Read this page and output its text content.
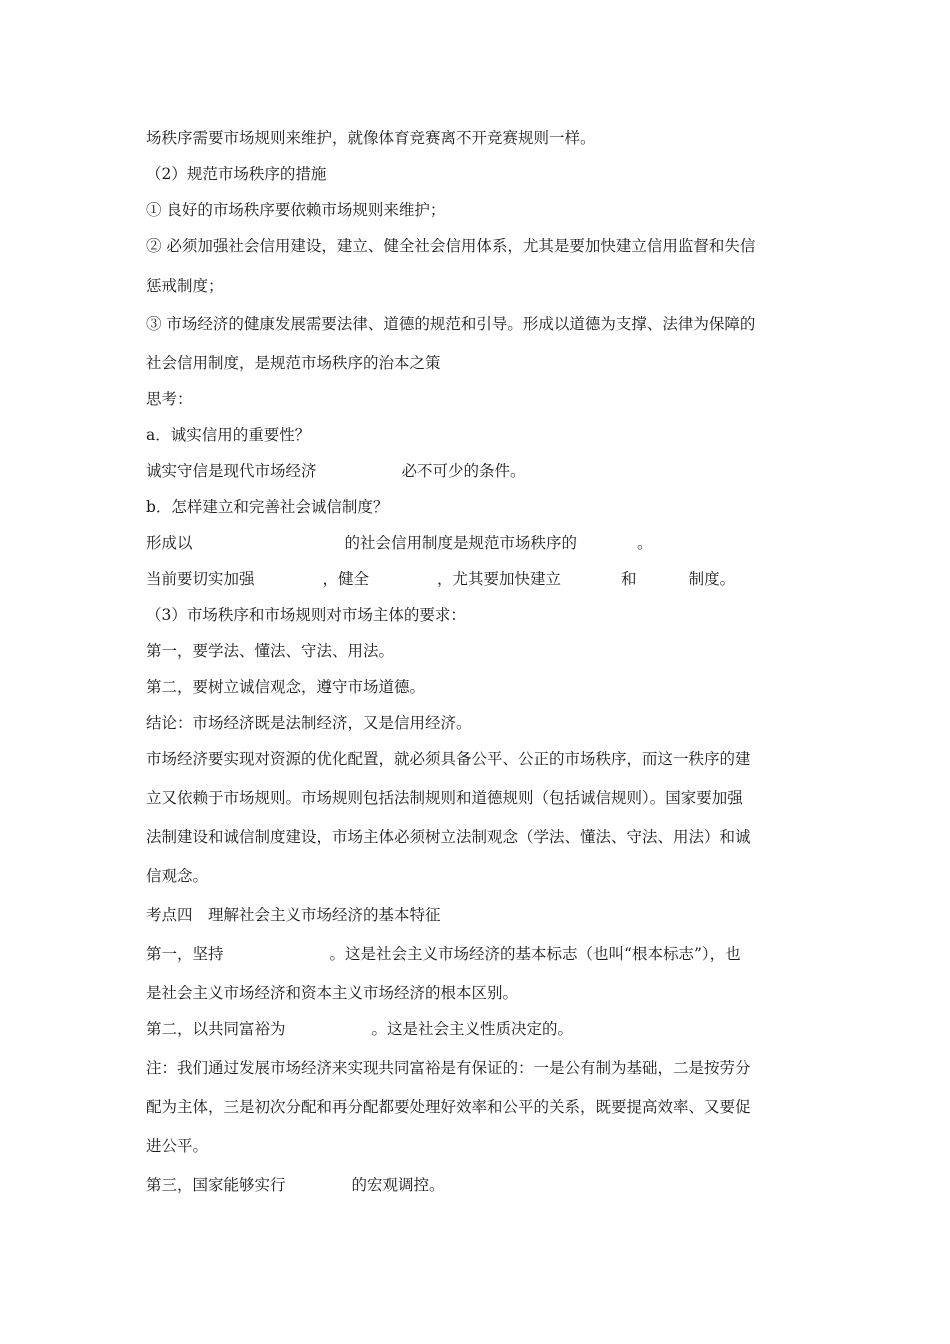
场秩序需要市场规则来维护，就像体育竞赛离不开竞赛规则一样。
（2）规范市场秩序的措施
① 良好的市场秩序要依赖市场规则来维护；
② 必须加强社会信用建设，建立、健全社会信用体系，尤其是要加快建立信用监督和失信
惩戒制度；
③ 市场经济的健康发展需要法律、道德的规范和引导。形成以道德为支撑、法律为保障的
社会信用制度，是规范市场秩序的治本之策
思考：
a．诚实信用的重要性？
诚实守信是现代市场经济	必不可少的条件。
b．怎样建立和完善社会诚信制度？
形成以	的社会信用制度是规范市场秩序的	。
当前要切实加强	，健全	，尤其要加快建立	和	制度。
（3）市场秩序和市场规则对市场主体的要求：
第一，要学法、懂法、守法、用法。
第二，要树立诚信观念，遵守市场道德。
结论：市场经济既是法制经济，又是信用经济。
市场经济要实现对资源的优化配置，就必须具备公平、公正的市场秩序，而这一秩序的建
立又依赖于市场规则。市场规则包括法制规则和道德规则（包括诚信规则）。国家要加强
法制建设和诚信制度建设，市场主体必须树立法制观念（学法、懂法、守法、用法）和诚
信观念。
考点四　理解社会主义市场经济的基本特征
第一，坚持	。这是社会主义市场经济的基本标志（也叫“根本标志”），也
是社会主义市场经济和资本主义市场经济的根本区别。
第二，以共同富裕为	。这是社会主义性质决定的。
注：我们通过发展市场经济来实现共同富裕是有保证的：一是公有制为基础，二是按劳分
配为主体，三是初次分配和再分配都要处理好效率和公平的关系，既要提高效率、又要促
进公平。
第三，国家能够实行	的宏观调控。
